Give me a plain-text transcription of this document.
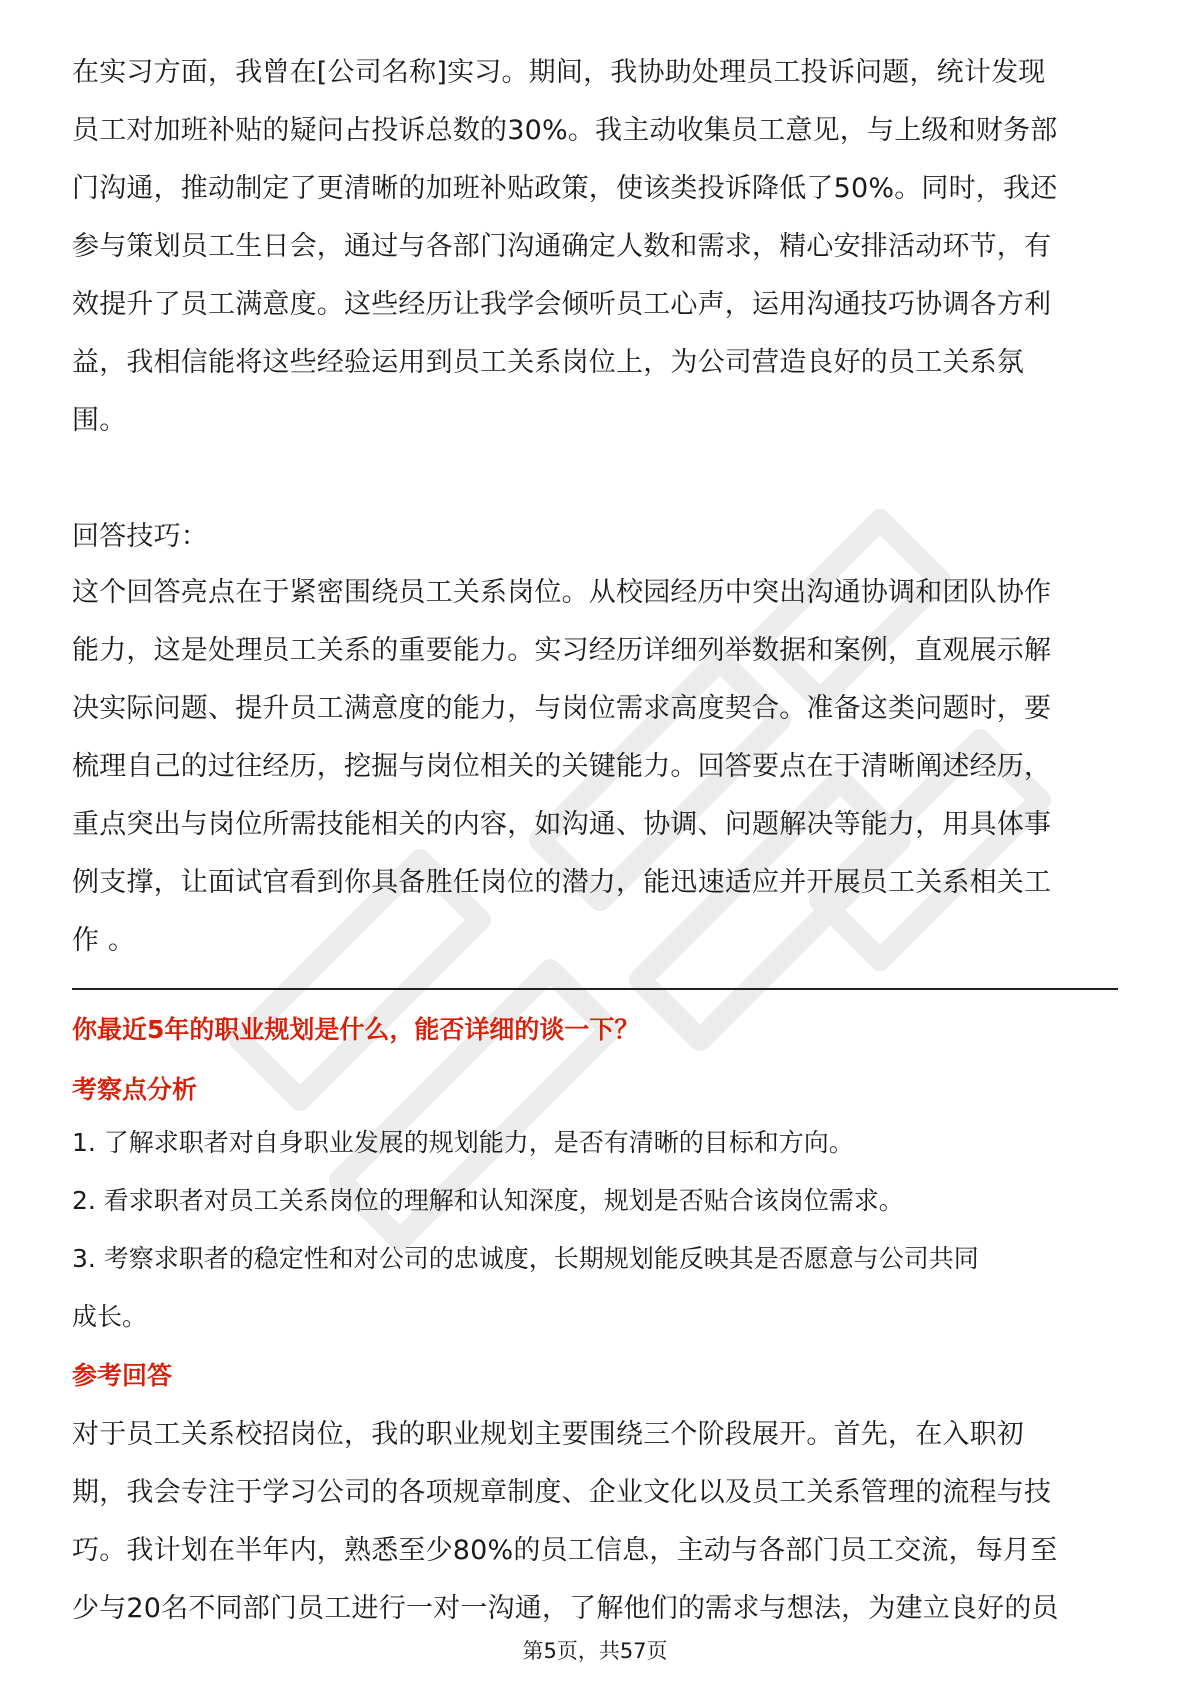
在实习方面，我曾在[公司名称]实习。期间，我协助处理员工投诉问题，统计发现
员工对加班补贴的疑问占投诉总数的30%。我主动收集员工意见，与上级和财务部
门沟通，推动制定了更清晰的加班补贴政策，使该类投诉降低了50%。同时，我还
参与策划员工生日会，通过与各部门沟通确定人数和需求，精心安排活动环节，有
效提升了员工满意度。这些经历让我学会倾听员工心声，运用沟通技巧协调各方利
益，我相信能将这些经验运用到员工关系岗位上，为公司营造良好的员工关系氛
围。

回答技巧：

这个回答亮点在于紧密围绕员工关系岗位。从校园经历中突出沟通协调和团队协作
能力，这是处理员工关系的重要能力。实习经历详细列举数据和案例，直观展示解
决实际问题、提升员工满意度的能力，与岗位需求高度契合。准备这类问题时，要
梳理自己的过往经历，挖掘与岗位相关的关键能力。回答要点在于清晰阐述经历，
重点突出与岗位所需技能相关的内容，如沟通、协调、问题解决等能力，用具体事
例支撑，让面试官看到你具备胜任岗位的潜力，能迅速适应并开展员工关系相关工
作 。

你最近5年的职业规划是什么，能否详细的谈一下？
考察点分析

1. 了解求职者对自身职业发展的规划能力，是否有清晰的目标和方向。

2. 看求职者对员工关系岗位的理解和认知深度，规划是否贴合该岗位需求。

3. 考察求职者的稳定性和对公司的忠诚度，长期规划能反映其是否愿意与公司共同

成长。

参考回答

对于员工关系校招岗位，我的职业规划主要围绕三个阶段展开。首先，在入职初
期，我会专注于学习公司的各项规章制度、企业文化以及员工关系管理的流程与技
巧。我计划在半年内，熟悉至少80%的员工信息，主动与各部门员工交流，每月至
少与20名不同部门员工进行一对一沟通，了解他们的需求与想法，为建立良好的员

第5页，共57页
